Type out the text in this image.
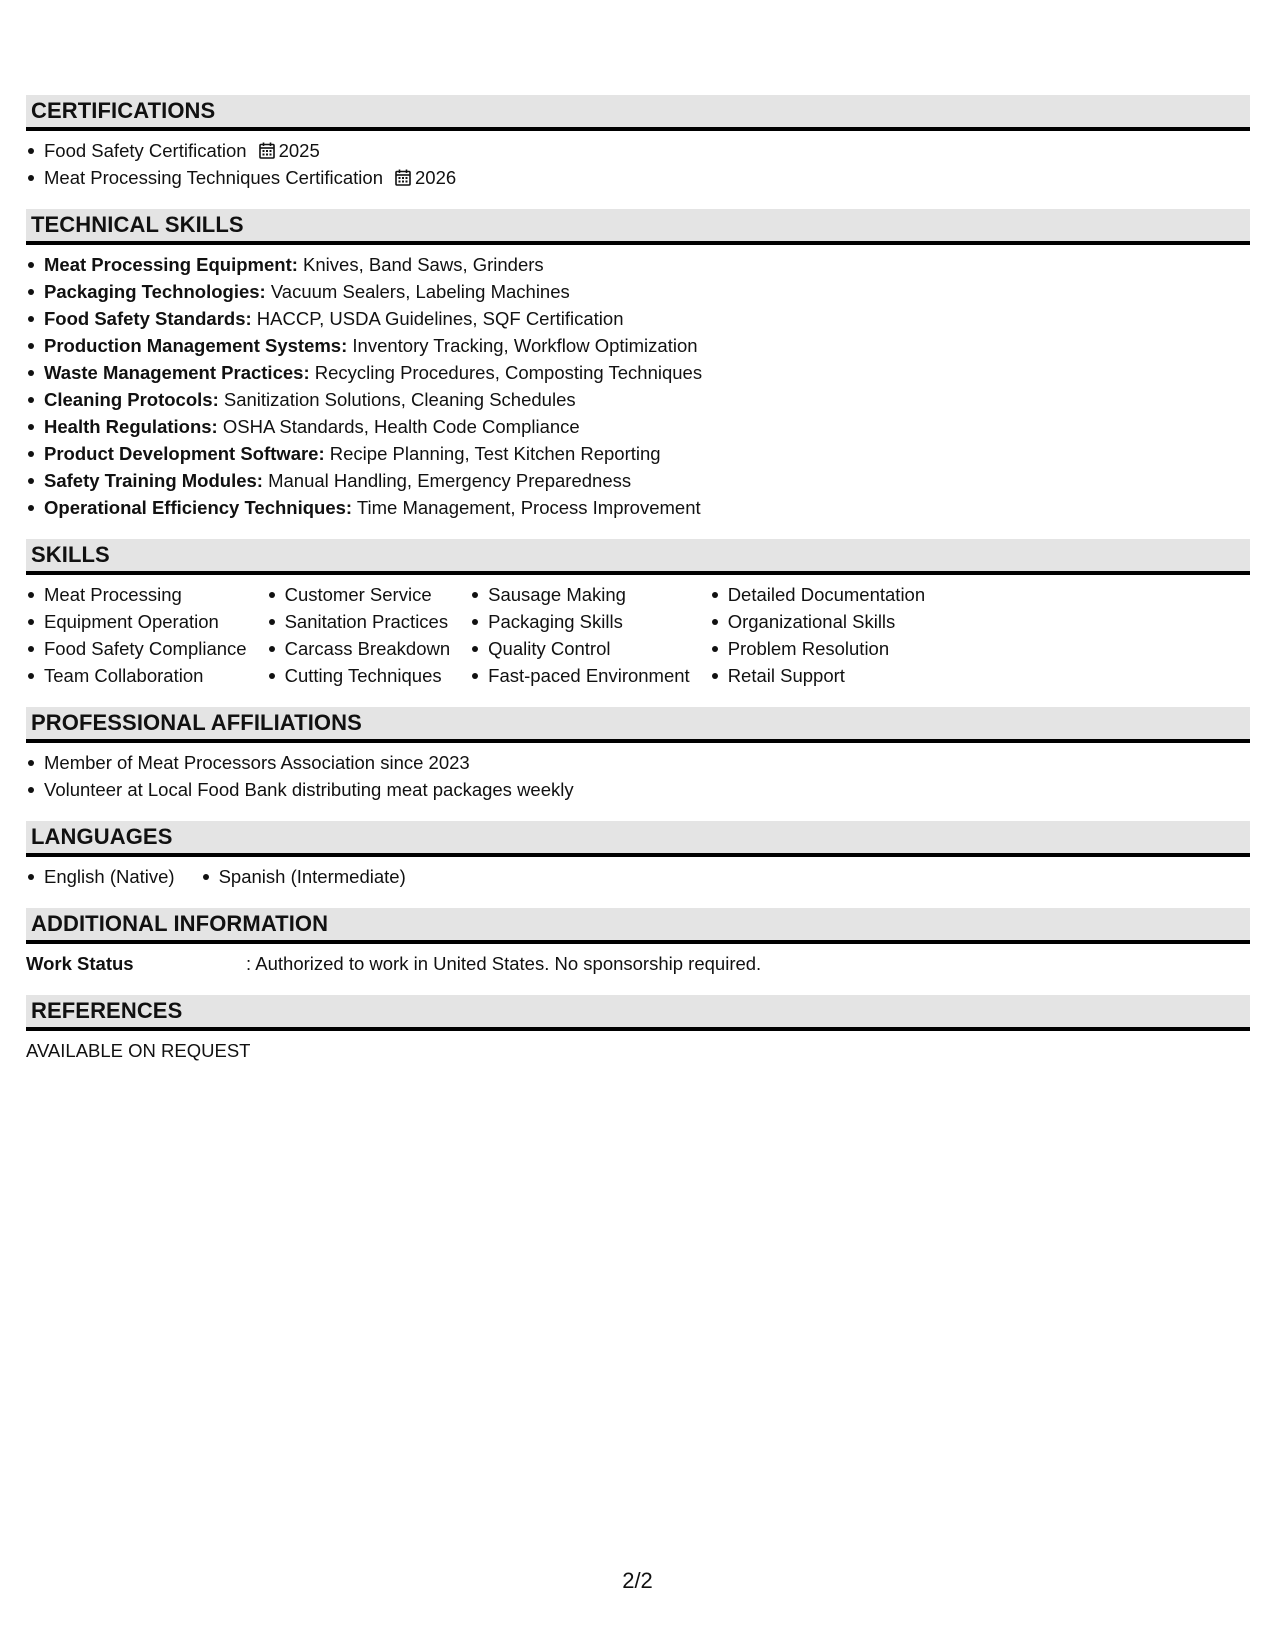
CERTIFICATIONS
Food Safety Certification 2025
Meat Processing Techniques Certification 2026
TECHNICAL SKILLS
Meat Processing Equipment: Knives, Band Saws, Grinders
Packaging Technologies: Vacuum Sealers, Labeling Machines
Food Safety Standards: HACCP, USDA Guidelines, SQF Certification
Production Management Systems: Inventory Tracking, Workflow Optimization
Waste Management Practices: Recycling Procedures, Composting Techniques
Cleaning Protocols: Sanitization Solutions, Cleaning Schedules
Health Regulations: OSHA Standards, Health Code Compliance
Product Development Software: Recipe Planning, Test Kitchen Reporting
Safety Training Modules: Manual Handling, Emergency Preparedness
Operational Efficiency Techniques: Time Management, Process Improvement
SKILLS
Meat Processing
Equipment Operation
Food Safety Compliance
Team Collaboration
Customer Service
Sanitation Practices
Carcass Breakdown
Cutting Techniques
Sausage Making
Packaging Skills
Quality Control
Fast-paced Environment
Detailed Documentation
Organizational Skills
Problem Resolution
Retail Support
PROFESSIONAL AFFILIATIONS
Member of Meat Processors Association since 2023
Volunteer at Local Food Bank distributing meat packages weekly
LANGUAGES
English (Native)	Spanish (Intermediate)
ADDITIONAL INFORMATION
Work Status	: Authorized to work in United States. No sponsorship required.
REFERENCES
AVAILABLE ON REQUEST
2/2
